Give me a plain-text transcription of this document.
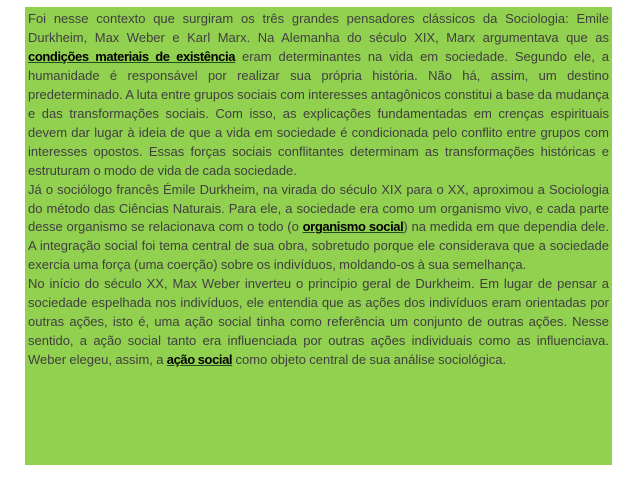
Foi nesse contexto que surgiram os três grandes pensadores clássicos da Sociologia: Emile Durkheim, Max Weber e Karl Marx. Na Alemanha do século XIX, Marx argumentava que as condições materiais de existência eram determinantes na vida em sociedade. Segundo ele, a humanidade é responsável por realizar sua própria história. Não há, assim, um destino predeterminado. A luta entre grupos sociais com interesses antagônicos constitui a base da mudança e das transformações sociais. Com isso, as explicações fundamentadas em crenças espirituais devem dar lugar à ideia de que a vida em sociedade é condicionada pelo conflito entre grupos com interesses opostos. Essas forças sociais conflitantes determinam as transformações históricas e estruturam o modo de vida de cada sociedade.

Já o sociólogo francês Émile Durkheim, na virada do século XIX para o XX, aproximou a Sociologia do método das Ciências Naturais. Para ele, a sociedade era como um organismo vivo, e cada parte desse organismo se relacionava com o todo (o organismo social) na medida em que dependia dele. A integração social foi tema central de sua obra, sobretudo porque ele considerava que a sociedade exercia uma força (uma coerção) sobre os indivíduos, moldando-os à sua semelhança.

No início do século XX, Max Weber inverteu o princípio geral de Durkheim. Em lugar de pensar a sociedade espelhada nos indivíduos, ele entendia que as ações dos indivíduos eram orientadas por outras ações, isto é, uma ação social tinha como referência um conjunto de outras ações. Nesse sentido, a ação social tanto era influenciada por outras ações individuais como as influenciava. Weber elegeu, assim, a ação social como objeto central de sua análise sociológica.
